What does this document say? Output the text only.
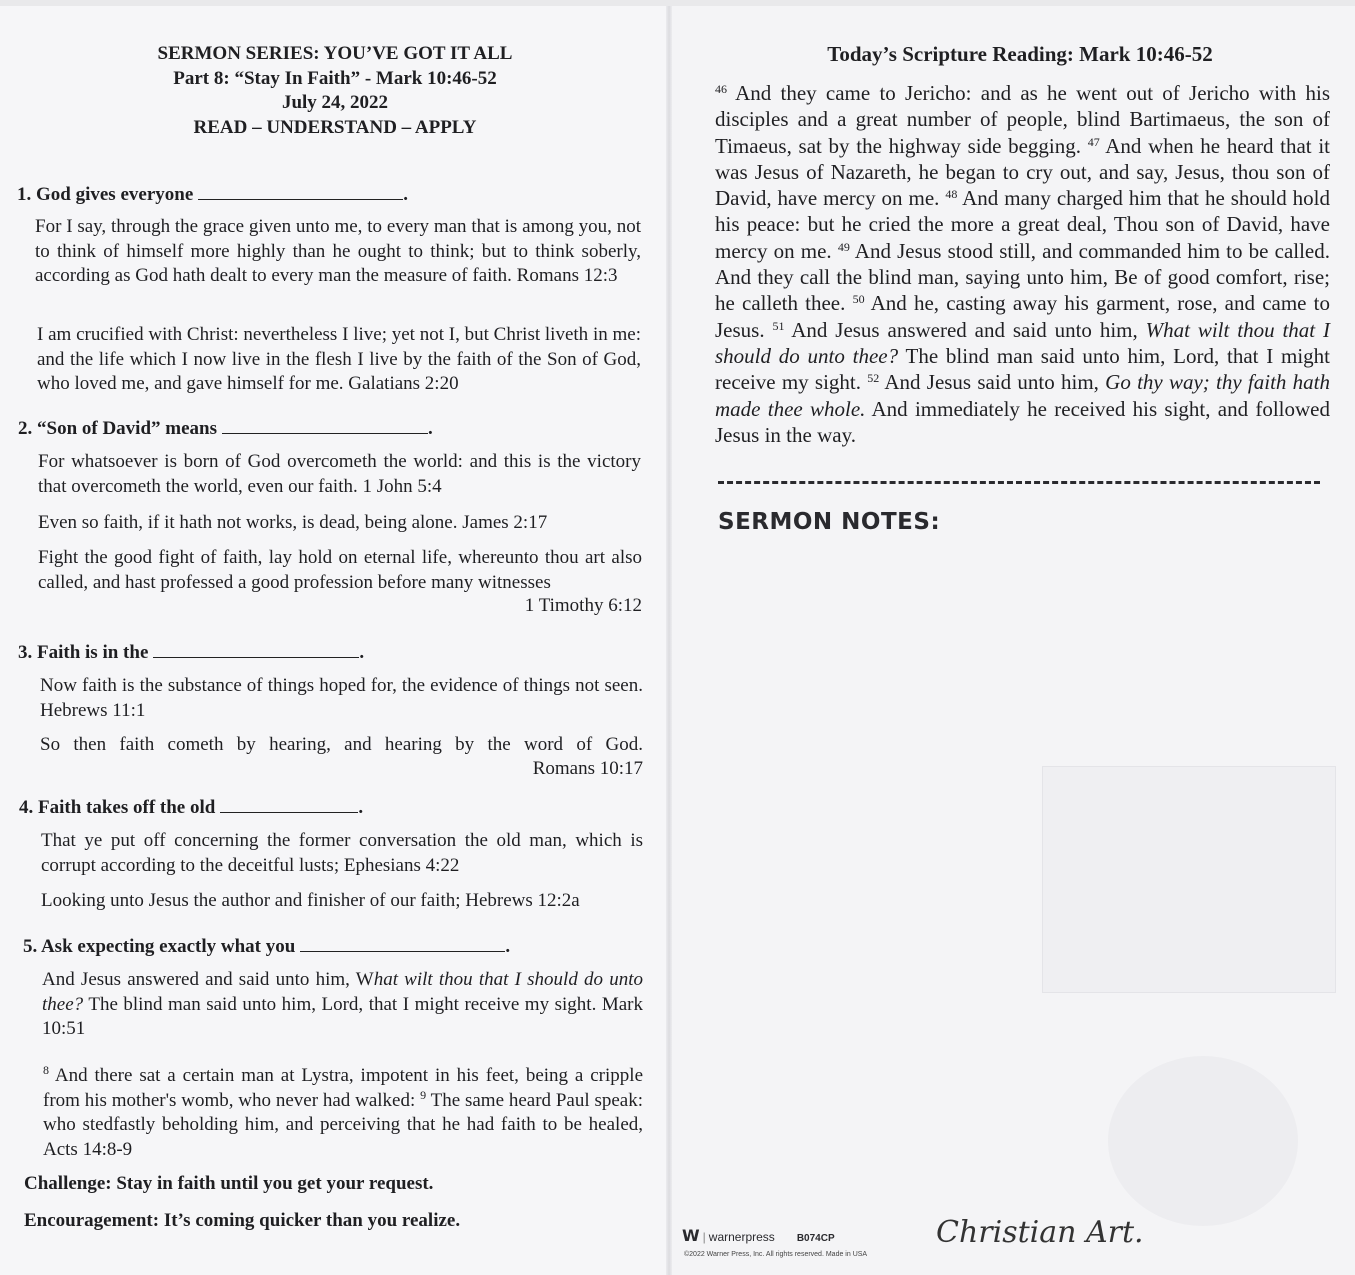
SERMON SERIES: YOU’VE GOT IT ALL
Part 8: “Stay In Faith” - Mark 10:46-52
July 24, 2022
READ – UNDERSTAND – APPLY
1. God gives everyone	.
For I say, through the grace given unto me, to every man that is among you, not to think of himself more highly than he ought to think; but to think soberly, according as God hath dealt to every man the measure of faith. Romans 12:3
I am crucified with Christ: nevertheless I live; yet not I, but Christ liveth in me: and the life which I now live in the flesh I live by the faith of the Son of God, who loved me, and gave himself for me. Galatians 2:20
2. “Son of David” means	.
For whatsoever is born of God overcometh the world: and this is the victory that overcometh the world, even our faith. 1 John 5:4
Even so faith, if it hath not works, is dead, being alone. James 2:17
Fight the good fight of faith, lay hold on eternal life, whereunto thou art also called, and hast professed a good profession before many witnesses
1 Timothy 6:12
3. Faith is in the	.
Now faith is the substance of things hoped for, the evidence of things not seen. Hebrews 11:1
So then faith cometh by hearing, and hearing by the word of God.
Romans 10:17
4. Faith takes off the old	.
That ye put off concerning the former conversation the old man, which is corrupt according to the deceitful lusts; Ephesians 4:22
Looking unto Jesus the author and finisher of our faith; Hebrews 12:2a
5. Ask expecting exactly what you	.
And Jesus answered and said unto him, What wilt thou that I should do unto thee? The blind man said unto him, Lord, that I might receive my sight. Mark 10:51
$^8$ And there sat a certain man at Lystra, impotent in his feet, being a cripple from his mother's womb, who never had walked: $^9$ The same heard Paul speak: who stedfastly beholding him, and perceiving that he had faith to be healed, Acts 14:8-9
Challenge: Stay in faith until you get your request.
Encouragement: It’s coming quicker than you realize.
Today’s Scripture Reading: Mark 10:46-52
$^{46}$ And they came to Jericho: and as he went out of Jericho with his disciples and a great number of people, blind Bartimaeus, the son of Timaeus, sat by the highway side begging. $^{47}$ And when he heard that it was Jesus of Nazareth, he began to cry out, and say, Jesus, thou son of David, have mercy on me. $^{48}$ And many charged him that he should hold his peace: but he cried the more a great deal, Thou son of David, have mercy on me. $^{49}$ And Jesus stood still, and commanded him to be called. And they call the blind man, saying unto him, Be of good comfort, rise; he calleth thee. $^{50}$ And he, casting away his garment, rose, and came to Jesus. $^{51}$ And Jesus answered and said unto him, What wilt thou that I should do unto thee? The blind man said unto him, Lord, that I might receive my sight. $^{52}$ And Jesus said unto him, Go thy way; thy faith hath made thee whole. And immediately he received his sight, and followed Jesus in the way.
SERMON NOTES:
W | warnerpress B074CP
©2022 Warner Press, Inc. All rights reserved. Made in USA
Christian Art.
